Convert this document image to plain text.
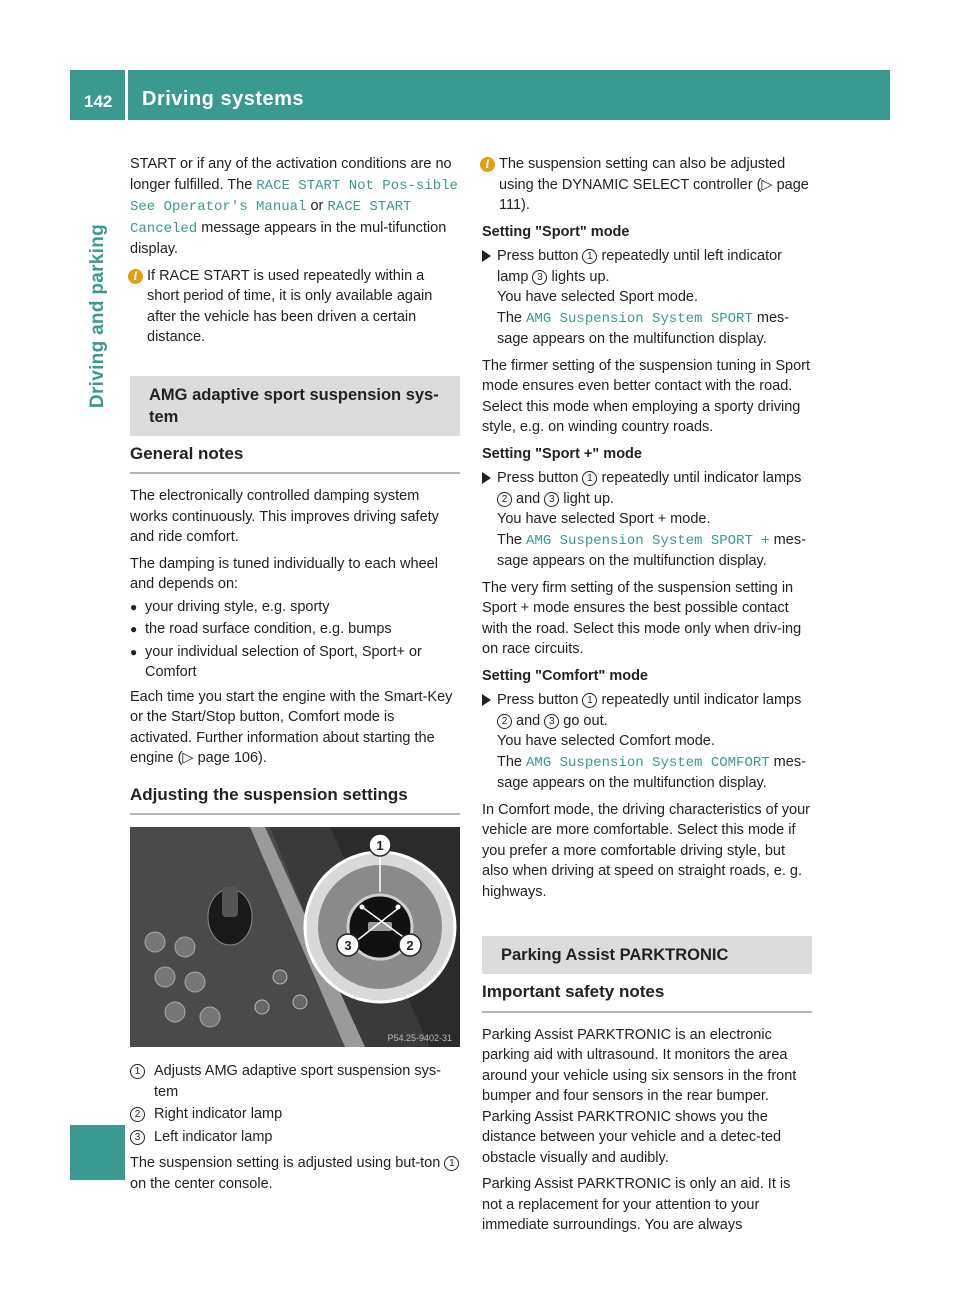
142 Driving systems
Driving and parking

START or if any of the activation conditions are no longer fulfilled. The RACE START Not Pos‐sible See Operator's Manual or RACE START Canceled message appears in the mul-tifunction display.

i If RACE START is used repeatedly within a short period of time, it is only available again after the vehicle has been driven a certain distance.
AMG adaptive sport suspension sys-tem
General notes

The electronically controlled damping system works continuously. This improves driving safety and ride comfort.

The damping is tuned individually to each wheel and depends on:

● your driving style, e.g. sporty
● the road surface condition, e.g. bumps
● your individual selection of Sport, Sport+ or Comfort

Each time you start the engine with the Smart-Key or the Start/Stop button, Comfort mode is activated. Further information about starting the engine (▷ page 106).

Adjusting the suspension settings
1
2
3
P54.25-9402-31
1 Adjusts AMG adaptive sport suspension sys-tem
2 Right indicator lamp
3 Left indicator lamp

The suspension setting is adjusted using but-ton 1 on the center console.

i The suspension setting can also be adjusted using the DYNAMIC SELECT controller (▷ page 111).
Setting "Sport" mode
Press button 1 repeatedly until left indicator lamp 3 lights up.
You have selected Sport mode.
The AMG Suspension System SPORT mes-sage appears on the multifunction display.

The firmer setting of the suspension tuning in Sport mode ensures even better contact with the road. Select this mode when employing a sporty driving style, e.g. on winding country roads.

Setting "Sport +" mode
Press button 1 repeatedly until indicator lamps 2 and 3 light up.
You have selected Sport + mode.
The AMG Suspension System SPORT + mes-sage appears on the multifunction display.

The very firm setting of the suspension setting in Sport + mode ensures the best possible contact with the road. Select this mode only when driv-ing on race circuits.

Setting "Comfort" mode
Press button 1 repeatedly until indicator lamps 2 and 3 go out.
You have selected Comfort mode.
The AMG Suspension System COMFORT mes-sage appears on the multifunction display.

In Comfort mode, the driving characteristics of your vehicle are more comfortable. Select this mode if you prefer a more comfortable driving style, but also when driving at speed on straight roads, e. g. highways.

Parking Assist PARKTRONIC
Important safety notes

Parking Assist PARKTRONIC is an electronic parking aid with ultrasound. It monitors the area around your vehicle using six sensors in the front bumper and four sensors in the rear bumper. Parking Assist PARKTRONIC shows you the distance between your vehicle and a detec-ted obstacle visually and audibly.

Parking Assist PARKTRONIC is only an aid. It is not a replacement for your attention to your immediate surroundings. You are always
